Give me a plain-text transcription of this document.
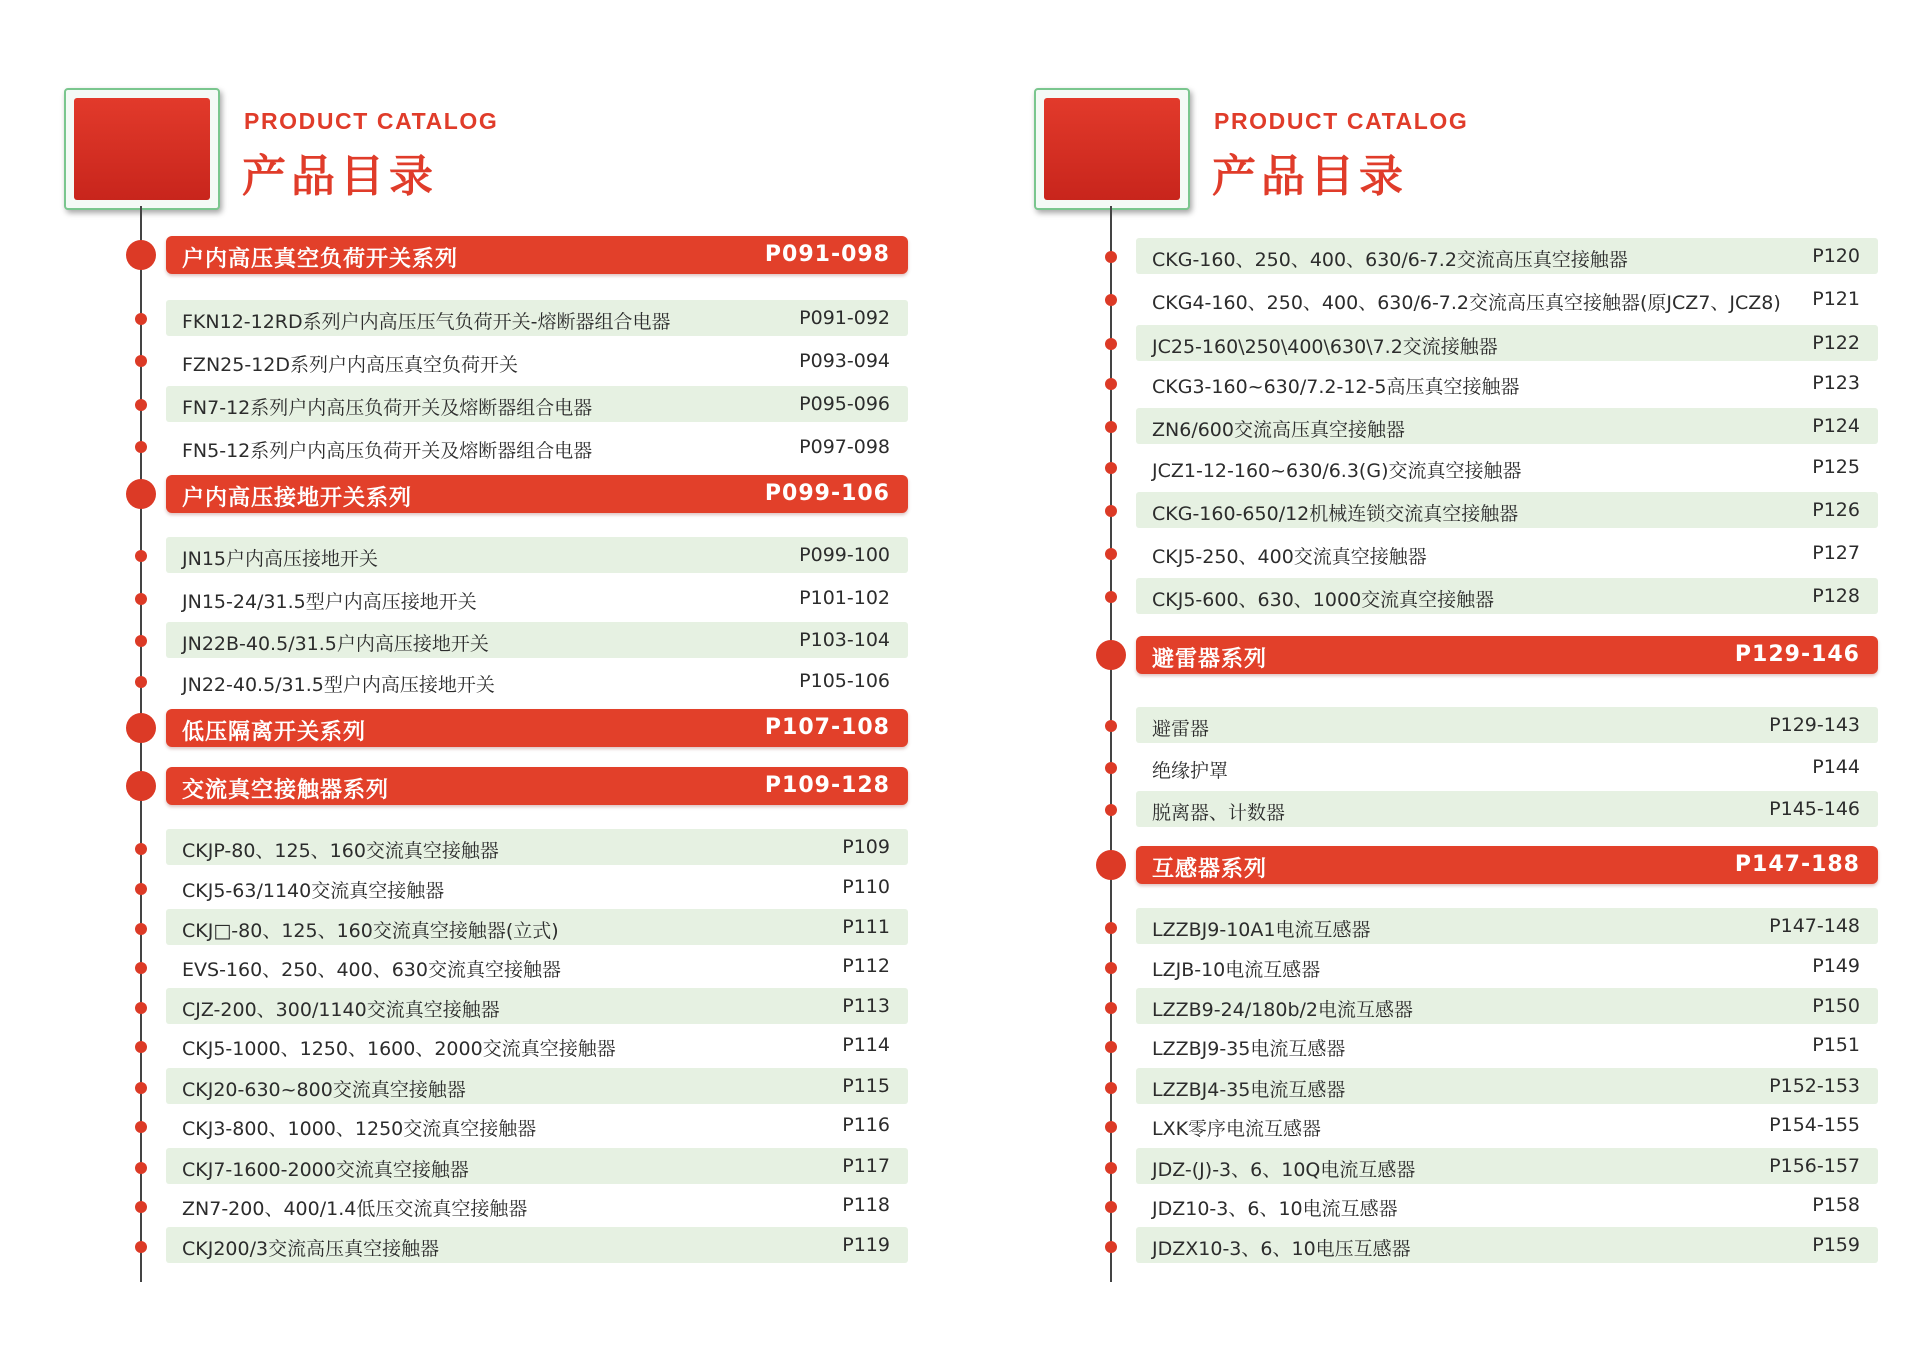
PRODUCT CATALOG
产品目录
户内高压真空负荷开关系列	P091-098
FKN12-12RD系列户内高压压气负荷开关-熔断器组合电器	P091-092
FZN25-12D系列户内高压真空负荷开关	P093-094
FN7-12系列户内高压负荷开关及熔断器组合电器	P095-096
FN5-12系列户内高压负荷开关及熔断器组合电器	P097-098
户内高压接地开关系列	P099-106
JN15户内高压接地开关	P099-100
JN15-24/31.5型户内高压接地开关	P101-102
JN22B-40.5/31.5户内高压接地开关	P103-104
JN22-40.5/31.5型户内高压接地开关	P105-106
低压隔离开关系列	P107-108
交流真空接触器系列	P109-128
CKJP-80、125、160交流真空接触器	P109
CKJ5-63/1140交流真空接触器	P110
CKJ□-80、125、160交流真空接触器(立式)	P111
EVS-160、250、400、630交流真空接触器	P112
CJZ-200、300/1140交流真空接触器	P113
CKJ5-1000、1250、1600、2000交流真空接触器	P114
CKJ20-630~800交流真空接触器	P115
CKJ3-800、1000、1250交流真空接触器	P116
CKJ7-1600-2000交流真空接触器	P117
ZN7-200、400/1.4低压交流真空接触器	P118
CKJ200/3交流高压真空接触器	P119
PRODUCT CATALOG
产品目录
CKG-160、250、400、630/6-7.2交流高压真空接触器	P120
CKG4-160、250、400、630/6-7.2交流高压真空接触器(原JCZ7、JCZ8) P121
JC25-160\250\400\630\7.2交流接触器	P122
CKG3-160~630/7.2-12-5高压真空接触器	P123
ZN6/600交流高压真空接触器	P124
JCZ1-12-160~630/6.3(G)交流真空接触器	P125
CKG-160-650/12机械连锁交流真空接触器	P126
CKJ5-250、400交流真空接触器	P127
CKJ5-600、630、1000交流真空接触器	P128
避雷器系列	P129-146
避雷器	P129-143
绝缘护罩	P144
脱离器、计数器	P145-146
互感器系列	P147-188
LZZBJ9-10A1电流互感器	P147-148
LZJB-10电流互感器	P149
LZZB9-24/180b/2电流互感器	P150
LZZBJ9-35电流互感器	P151
LZZBJ4-35电流互感器	P152-153
LXK零序电流互感器	P154-155
JDZ-(J)-3、6、10Q电流互感器	P156-157
JDZ10-3、6、10电流互感器	P158
JDZX10-3、6、10电压互感器	P159
